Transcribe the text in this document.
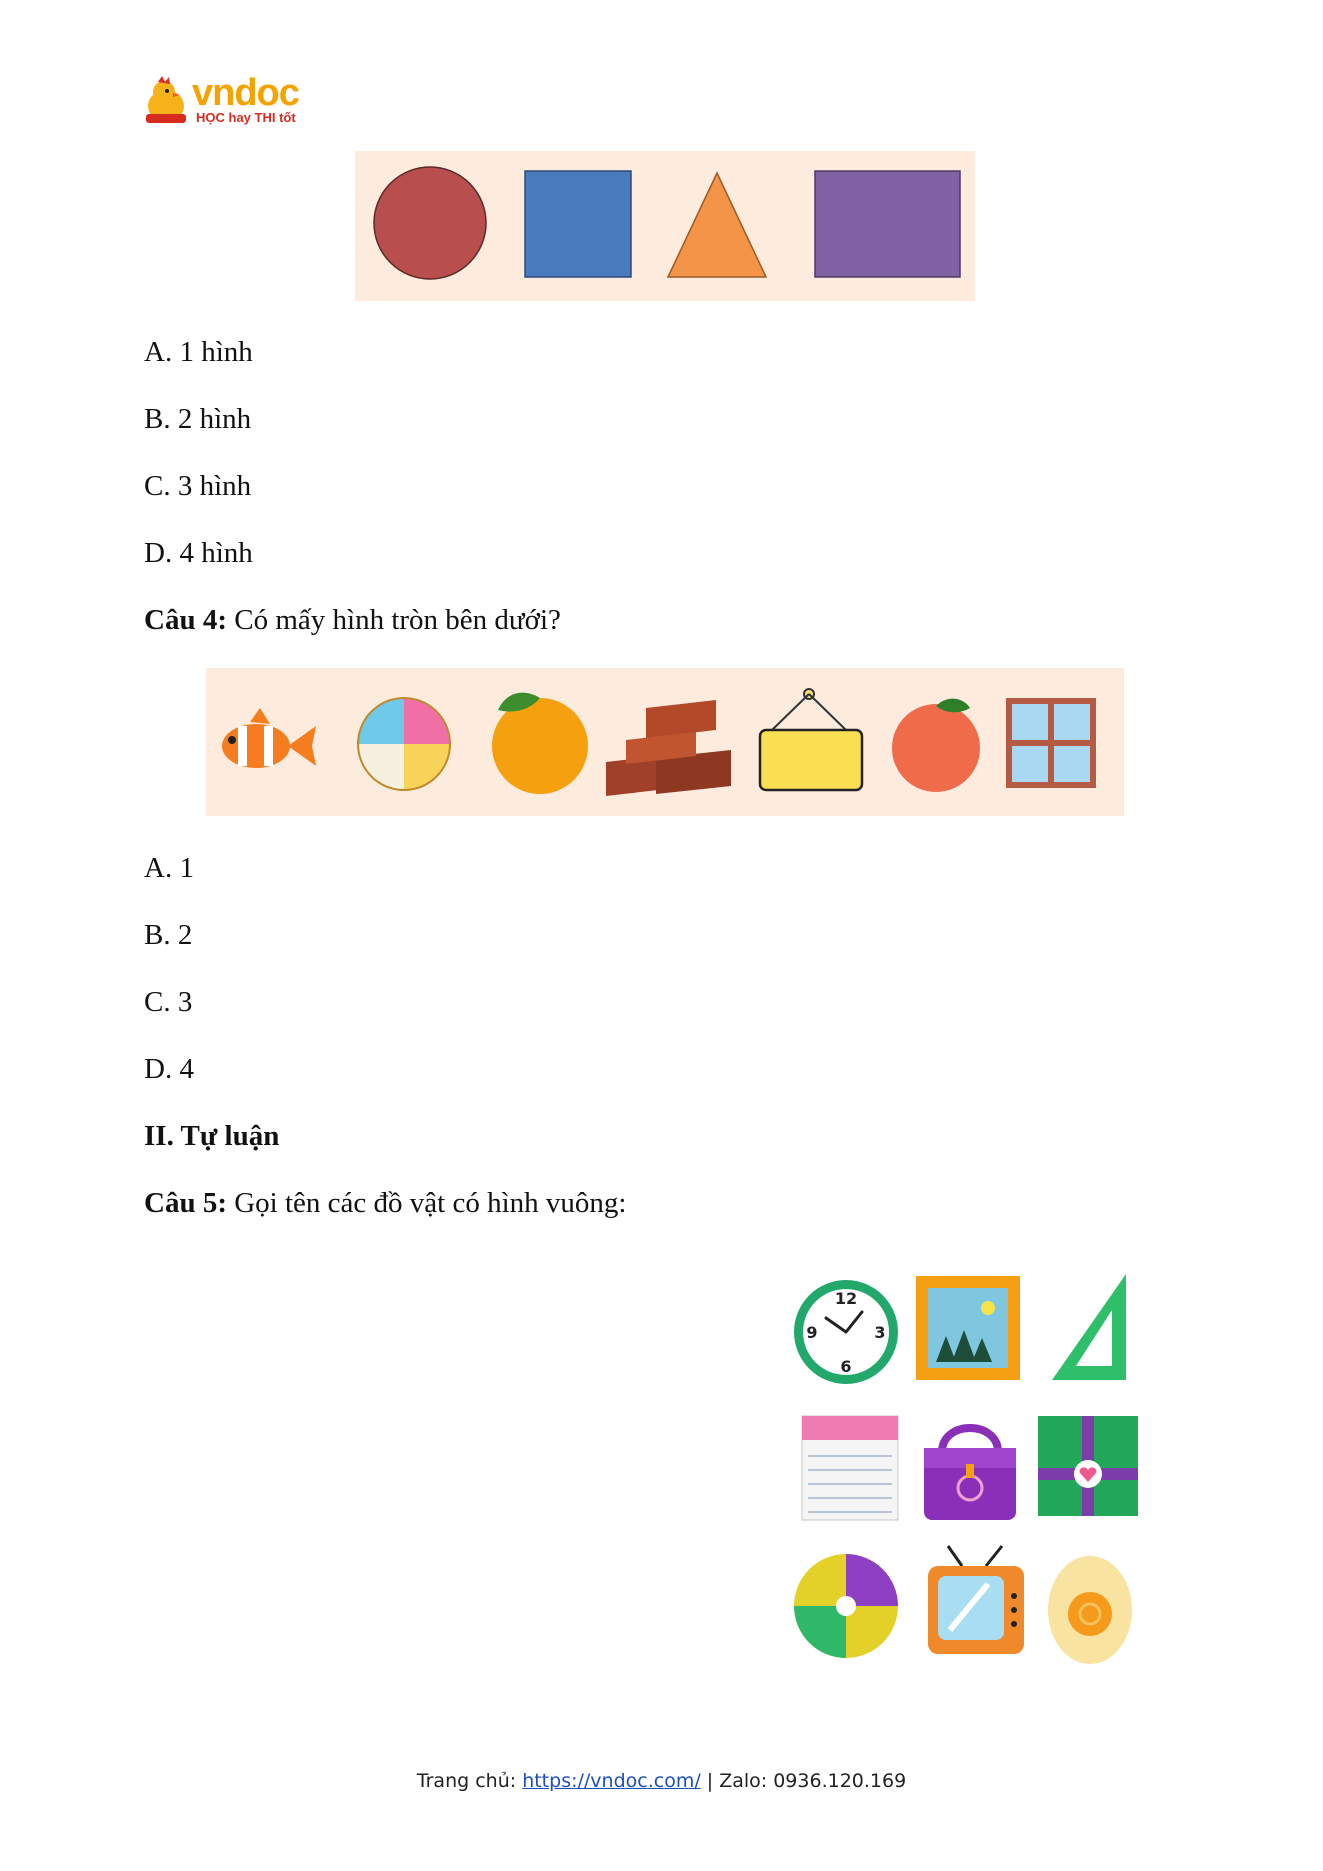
vndoc
HỌC hay THI tốt
A. 1 hình
B. 2 hình
C. 3 hình
D. 4 hình
Câu 4: Có mấy hình tròn bên dưới?
A. 1
B. 2
C. 3
D. 4
II. Tự luận
Câu 5: Gọi tên các đồ vật có hình vuông:
12
9	3
6
Trang chủ: https://vndoc.com/ | Zalo: 0936.120.169
